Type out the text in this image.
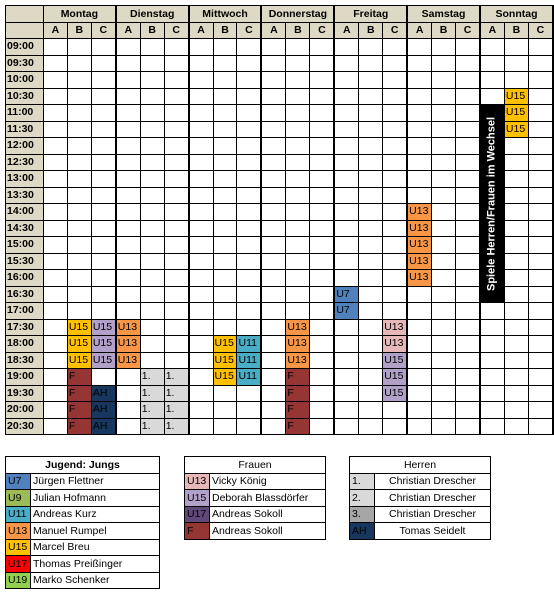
	Montag			Dienstag			Mittwoch			Donnerstag			Freitag			Samstag			Sonntag		
	A	B	C	A	B	C	A	B	C	A	B	C	A	B	C	A	B	C	A	B	C
09:00																					
09:30																					
10:00																					
10:30																				U15	
11:00																			Spiele Herren/Frauen im Wechsel	U15	
11:30																				U15	
12:00																					
12:30																					
13:00																					
13:30																					
14:00																U13					
14:30																U13					
15:00																U13					
15:30																U13					
16:00																U13					
16:30													U7								
17:00													U7								
17:30		U15	U15	U13							U13				U13						
18:00		U15	U15	U13				U15	U11		U13				U13						
18:30		U15	U15	U13				U15	U11		U13				U15						
19:00		F			1.	1.		U15	U11		F				U15						
19:30		F	AH		1.	1.					F				U15						
20:00		F	AH		1.	1.					F										
20:30		F	AH		1.	1.					F										
Jugend: Jungs	
U7	Jürgen Flettner
U9	Julian Hofmann
U11	Andreas Kurz
U13	Manuel Rumpel
U15	Marcel Breu
U17	Thomas Preißinger
U19	Marko Schenker
Frauen	
U13	Vicky König
U15	Deborah Blassdörfer
U17	Andreas Sokoll
F	Andreas Sokoll
Herren	
1.	Christian Drescher
2.	Christian Drescher
3.	Christian Drescher
AH	Tomas Seidelt
